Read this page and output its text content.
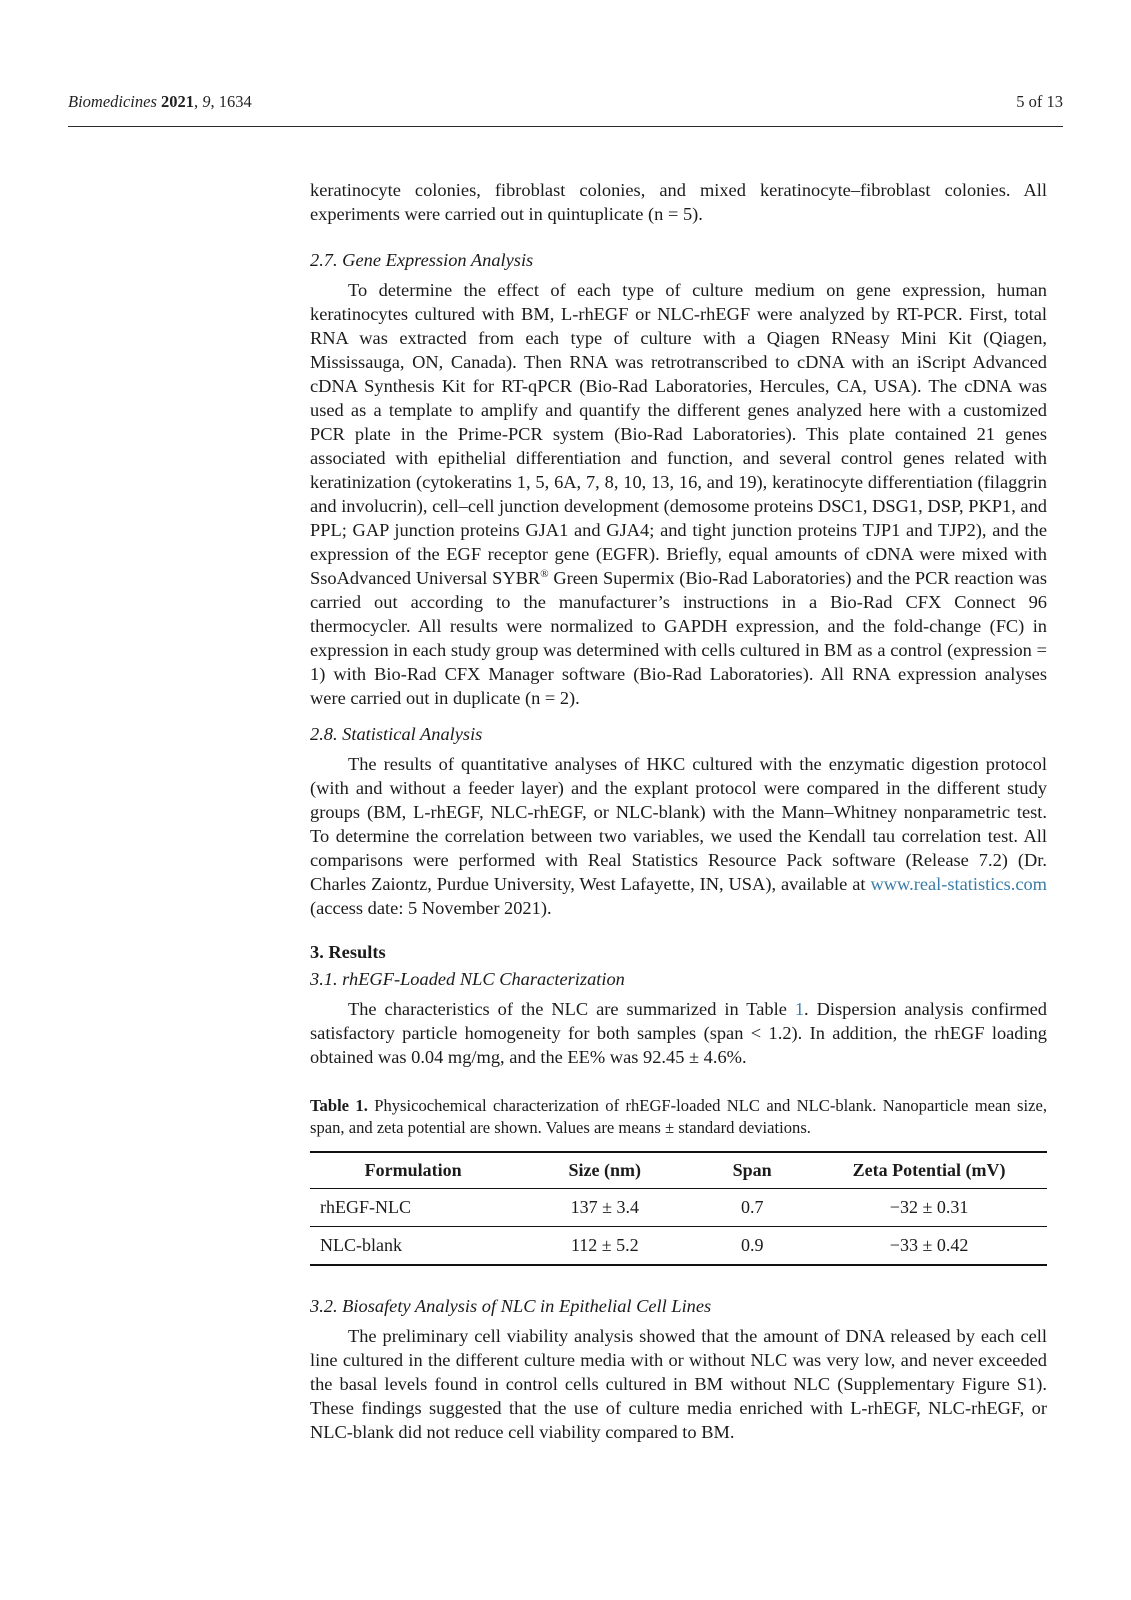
Biomedicines 2021, 9, 1634	5 of 13

keratinocyte colonies, fibroblast colonies, and mixed keratinocyte–fibroblast colonies. All experiments were carried out in quintuplicate (n = 5).

2.7. Gene Expression Analysis

To determine the effect of each type of culture medium on gene expression, human keratinocytes cultured with BM, L-rhEGF or NLC-rhEGF were analyzed by RT-PCR. First, total RNA was extracted from each type of culture with a Qiagen RNeasy Mini Kit (Qiagen, Mississauga, ON, Canada). Then RNA was retrotranscribed to cDNA with an iScript Advanced cDNA Synthesis Kit for RT-qPCR (Bio-Rad Laboratories, Hercules, CA, USA). The cDNA was used as a template to amplify and quantify the different genes analyzed here with a customized PCR plate in the Prime-PCR system (Bio-Rad Laboratories). This plate contained 21 genes associated with epithelial differentiation and function, and several control genes related with keratinization (cytokeratins 1, 5, 6A, 7, 8, 10, 13, 16, and 19), keratinocyte differentiation (filaggrin and involucrin), cell–cell junction development (demosome proteins DSC1, DSG1, DSP, PKP1, and PPL; GAP junction proteins GJA1 and GJA4; and tight junction proteins TJP1 and TJP2), and the expression of the EGF receptor gene (EGFR). Briefly, equal amounts of cDNA were mixed with SsoAdvanced Universal SYBR® Green Supermix (Bio-Rad Laboratories) and the PCR reaction was carried out according to the manufacturer’s instructions in a Bio-Rad CFX Connect 96 thermocycler. All results were normalized to GAPDH expression, and the fold-change (FC) in expression in each study group was determined with cells cultured in BM as a control (expression = 1) with Bio-Rad CFX Manager software (Bio-Rad Laboratories). All RNA expression analyses were carried out in duplicate (n = 2).

2.8. Statistical Analysis

The results of quantitative analyses of HKC cultured with the enzymatic digestion protocol (with and without a feeder layer) and the explant protocol were compared in the different study groups (BM, L-rhEGF, NLC-rhEGF, or NLC-blank) with the Mann–Whitney nonparametric test. To determine the correlation between two variables, we used the Kendall tau correlation test. All comparisons were performed with Real Statistics Resource Pack software (Release 7.2) (Dr. Charles Zaiontz, Purdue University, West Lafayette, IN, USA), available at www.real-statistics.com (access date: 5 November 2021).

3. Results

3.1. rhEGF-Loaded NLC Characterization

The characteristics of the NLC are summarized in Table 1. Dispersion analysis confirmed satisfactory particle homogeneity for both samples (span < 1.2). In addition, the rhEGF loading obtained was 0.04 mg/mg, and the EE% was 92.45 ± 4.6%.

Table 1. Physicochemical characterization of rhEGF-loaded NLC and NLC-blank. Nanoparticle mean size, span, and zeta potential are shown. Values are means ± standard deviations.

Formulation	Size (nm)	Span	Zeta Potential (mV)
rhEGF-NLC	137 ± 3.4	0.7	−32 ± 0.31
NLC-blank	112 ± 5.2	0.9	−33 ± 0.42

3.2. Biosafety Analysis of NLC in Epithelial Cell Lines

The preliminary cell viability analysis showed that the amount of DNA released by each cell line cultured in the different culture media with or without NLC was very low, and never exceeded the basal levels found in control cells cultured in BM without NLC (Supplementary Figure S1). These findings suggested that the use of culture media enriched with L-rhEGF, NLC-rhEGF, or NLC-blank did not reduce cell viability compared to BM.
